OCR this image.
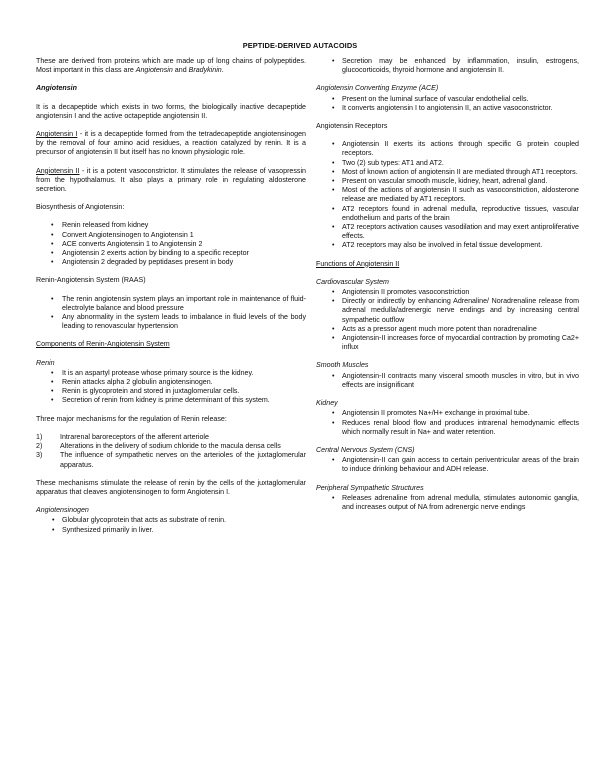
PEPTIDE-DERIVED AUTACOIDS

These are derived from proteins which are made up of long chains of polypeptides. Most important in this class are Angiotensin and Bradykinin.

Angiotensin

It is a decapeptide which exists in two forms, the biologically inactive decapeptide angiotensin I and the active octapeptide angiotensin II.

Angiotensin I - it is a decapeptide formed from the tetradecapeptide angiotensinogen by the removal of four amino acid residues, a reaction catalyzed by renin. It is a precursor of angiotensin II but itself has no known physiologic role.

Angiotensin II - it is a potent vasoconstrictor. It stimulates the release of vasopressin from the hypothalamus. It also plays a primary role in regulating aldosterone secretion.

Biosynthesis of Angiotensin:
• Renin released from kidney
• Convert Angiotensinogen to Angiotensin 1
• ACE converts Angiotensin 1 to Angiotensin 2
• Angiotensin 2 exerts action by binding to a specific receptor
• Angiotensin 2 degraded by peptidases present in body
Renin-Angiotensin System (RAAS)
• The renin angiotensin system plays an important role in maintenance of fluid-electrolyte balance and blood pressure
• Any abnormality in the system leads to imbalance in fluid levels of the body leading to renovascular hypertension
Components of Renin-Angiotensin System
Renin
• It is an aspartyl protease whose primary source is the kidney.
• Renin attacks alpha 2 globulin angiotensinogen.
• Renin is glycoprotein and stored in juxtaglomerular cells.
• Secretion of renin from kidney is prime determinant of this system.
Three major mechanisms for the regulation of Renin release:
1) Intrarenal baroreceptors of the afferent arteriole
2) Alterations in the delivery of sodium chloride to the macula densa cells
3) The influence of sympathetic nerves on the arterioles of the juxtaglomerular apparatus.

These mechanisms stimulate the release of renin by the cells of the juxtaglomerular apparatus that cleaves angiotensinogen to form Angiotensin I.

Angiotensinogen
• Globular glycoprotein that acts as substrate of renin.
• Synthesized primarily in liver.
• Secretion may be enhanced by inflammation, insulin, estrogens, glucocorticoids, thyroid hormone and angiotensin II.
Angiotensin Converting Enzyme (ACE)
• Present on the luminal surface of vascular endothelial cells.
• It converts angiotensin I to angiotensin II, an active vasoconstrictor.
Angiotensin Receptors
• Angiotensin II exerts its actions through specific G protein coupled receptors.
• Two (2) sub types: AT1 and AT2.
• Most of known action of angiotensin II are mediated through AT1 receptors.
• Present on vascular smooth muscle, kidney, heart, adrenal gland.
• Most of the actions of angiotensin II such as vasoconstriction, aldosterone release are mediated by AT1 receptors.
• AT2 receptors found in adrenal medulla, reproductive tissues, vascular endothelium and parts of the brain
• AT2 receptors activation causes vasodilation and may exert antiproliferative effects.
• AT2 receptors may also be involved in fetal tissue development.
Functions of Angiotensin II
Cardiovascular System
• Angiotensin II promotes vasoconstriction
• Directly or indirectly by enhancing Adrenaline/ Noradrenaline release from adrenal medulla/adrenergic nerve endings and by increasing central sympathetic outflow
• Acts as a pressor agent much more potent than noradrenaline
• Angiotensin-II increases force of myocardial contraction by promoting Ca2+ influx
Smooth Muscles
• Angiotensin-II contracts many visceral smooth muscles in vitro, but in vivo effects are insignificant
Kidney
• Angiotensin II promotes Na+/H+ exchange in proximal tube.
• Reduces renal blood flow and produces intrarenal hemodynamic effects which normally result in Na+ and water retention.
Central Nervous System (CNS)
• Angiotensin-II can gain access to certain periventricular areas of the brain to induce drinking behaviour and ADH release.
Peripheral Sympathetic Structures
• Releases adrenaline from adrenal medulla, stimulates autonomic ganglia, and increases output of NA from adrenergic nerve endings
